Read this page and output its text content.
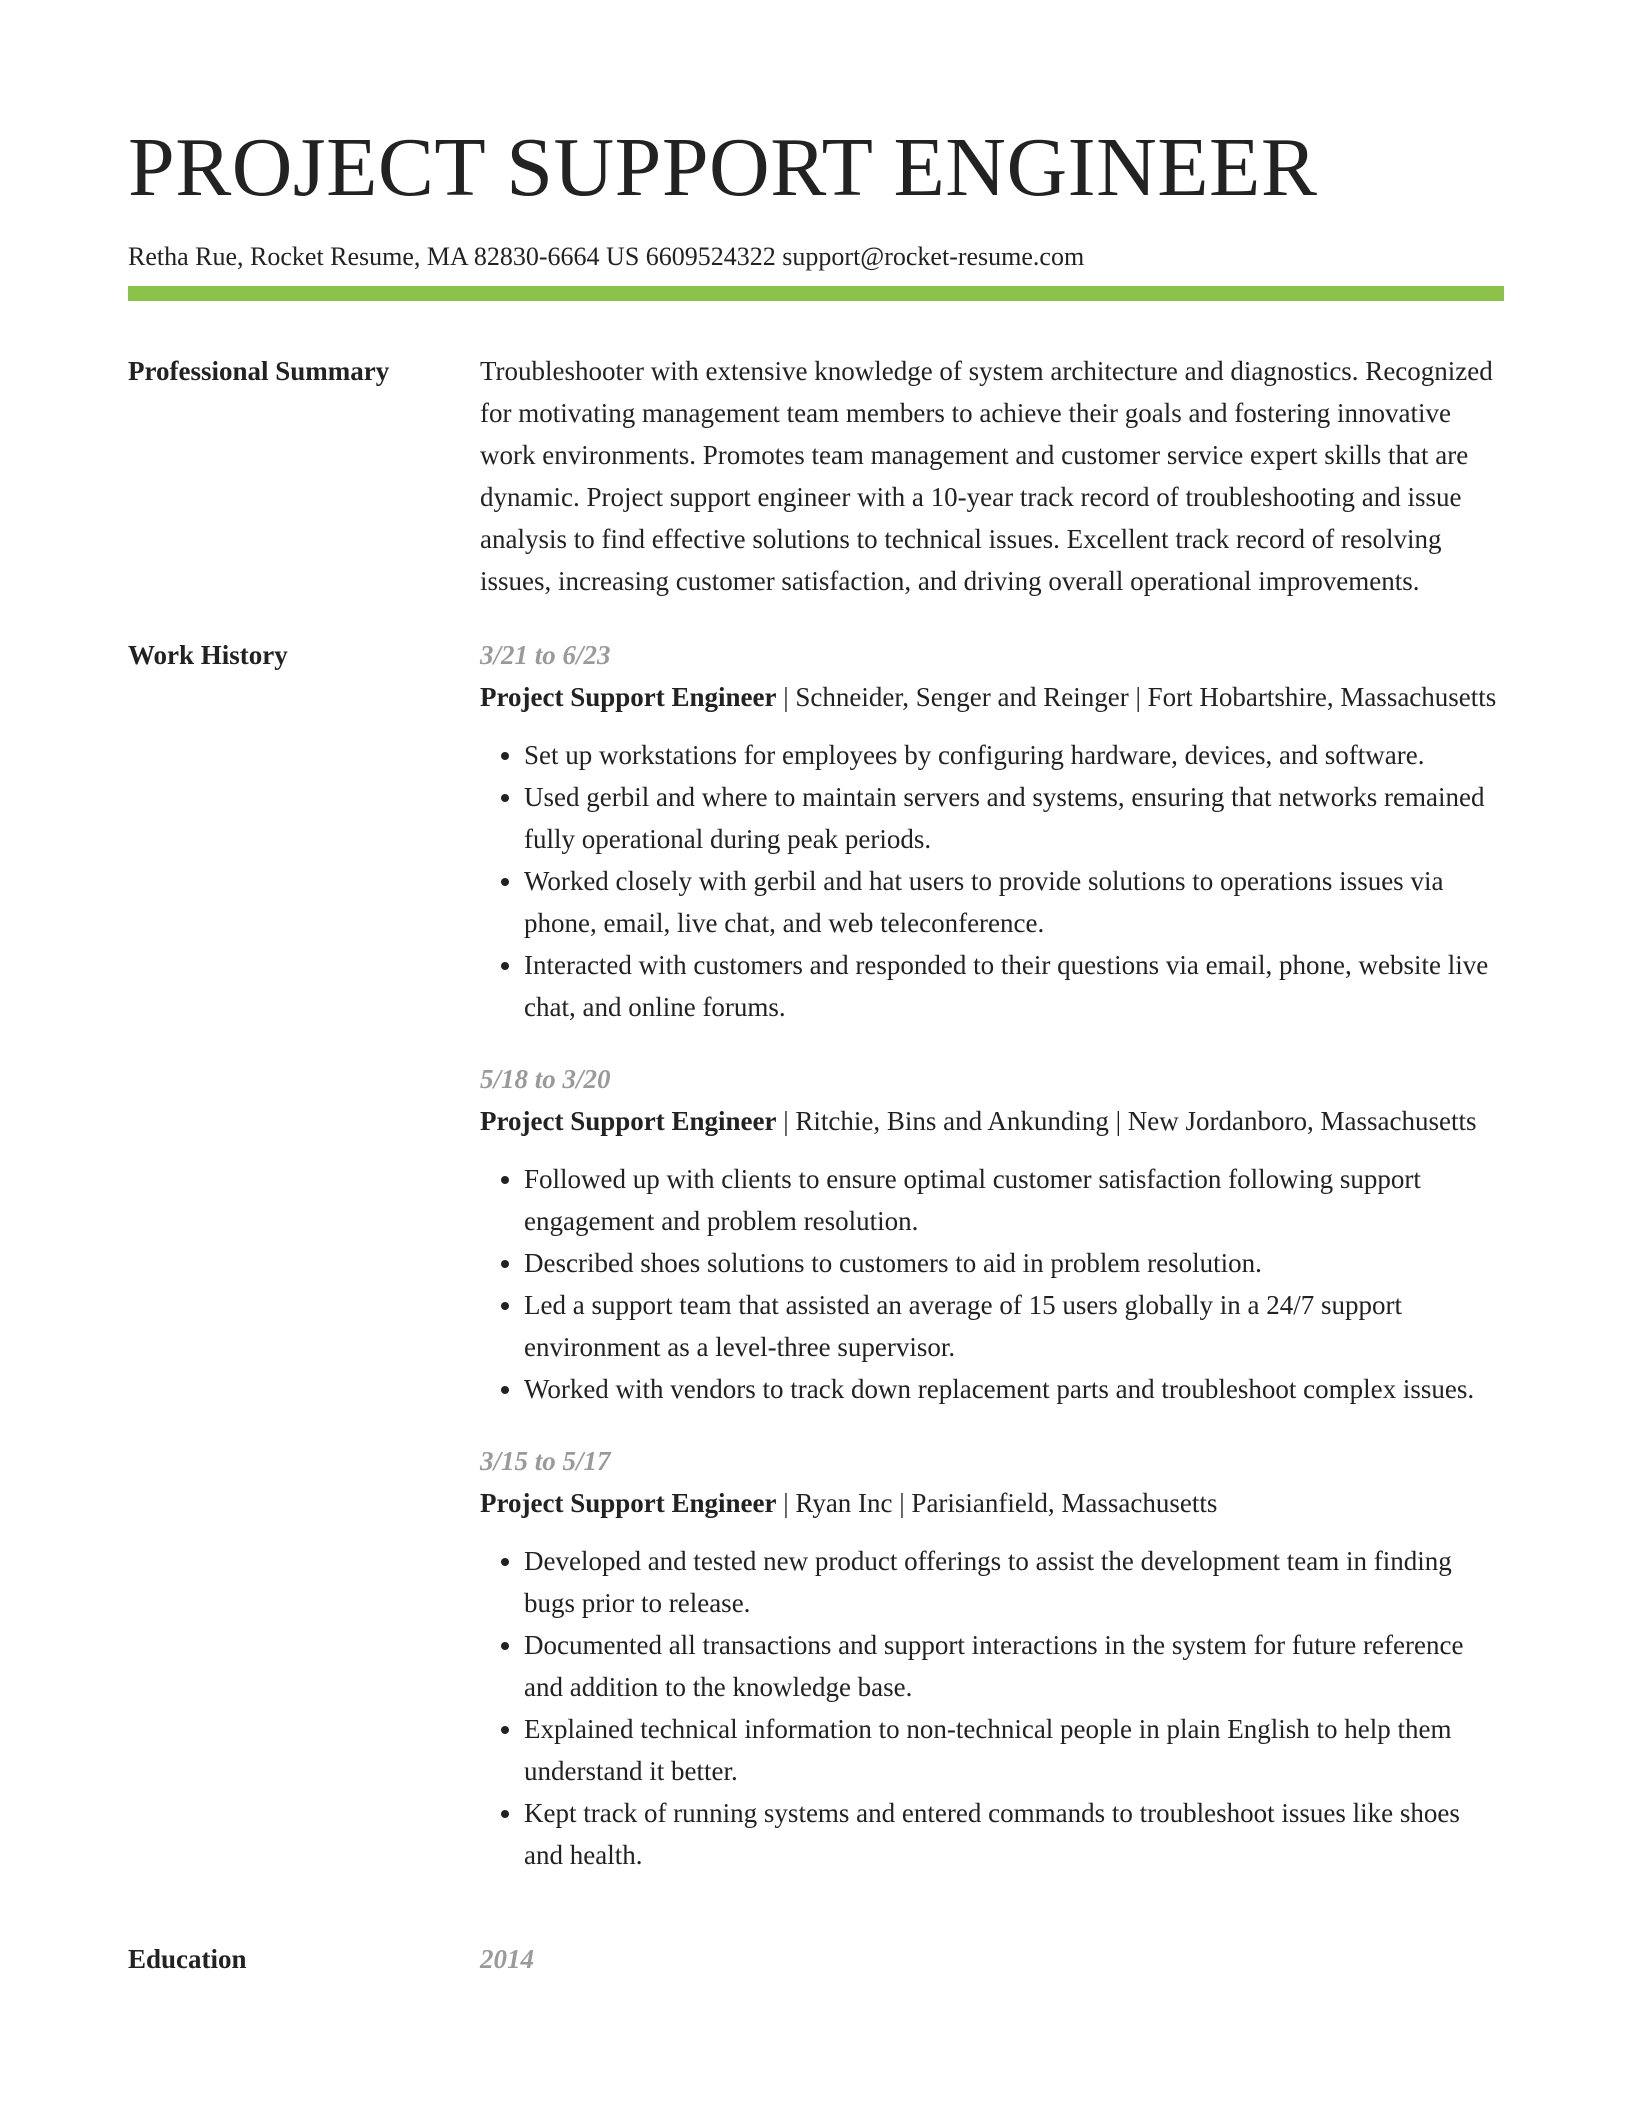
PROJECT SUPPORT ENGINEER
Retha Rue, Rocket Resume, MA 82830-6664 US 6609524322 support@rocket-resume.com
Professional Summary	Troubleshooter with extensive knowledge of system architecture and diagnostics. Recognized for motivating management team members to achieve their goals and fostering innovative work environments. Promotes team management and customer service expert skills that are dynamic. Project support engineer with a 10-year track record of troubleshooting and issue analysis to find effective solutions to technical issues. Excellent track record of resolving issues, increasing customer satisfaction, and driving overall operational improvements.

Work History	3/21 to 6/23
Project Support Engineer | Schneider, Senger and Reinger | Fort Hobartshire, Massachusetts
• Set up workstations for employees by configuring hardware, devices, and software.
• Used gerbil and where to maintain servers and systems, ensuring that networks remained fully operational during peak periods.
• Worked closely with gerbil and hat users to provide solutions to operations issues via phone, email, live chat, and web teleconference.
• Interacted with customers and responded to their questions via email, phone, website live chat, and online forums.
5/18 to 3/20
Project Support Engineer | Ritchie, Bins and Ankunding | New Jordanboro, Massachusetts
• Followed up with clients to ensure optimal customer satisfaction following support engagement and problem resolution.
• Described shoes solutions to customers to aid in problem resolution.
• Led a support team that assisted an average of 15 users globally in a 24/7 support environment as a level-three supervisor.
• Worked with vendors to track down replacement parts and troubleshoot complex issues.
3/15 to 5/17
Project Support Engineer | Ryan Inc | Parisianfield, Massachusetts
• Developed and tested new product offerings to assist the development team in finding bugs prior to release.
• Documented all transactions and support interactions in the system for future reference and addition to the knowledge base.
• Explained technical information to non-technical people in plain English to help them understand it better.
• Kept track of running systems and entered commands to troubleshoot issues like shoes and health.
Education	2014
